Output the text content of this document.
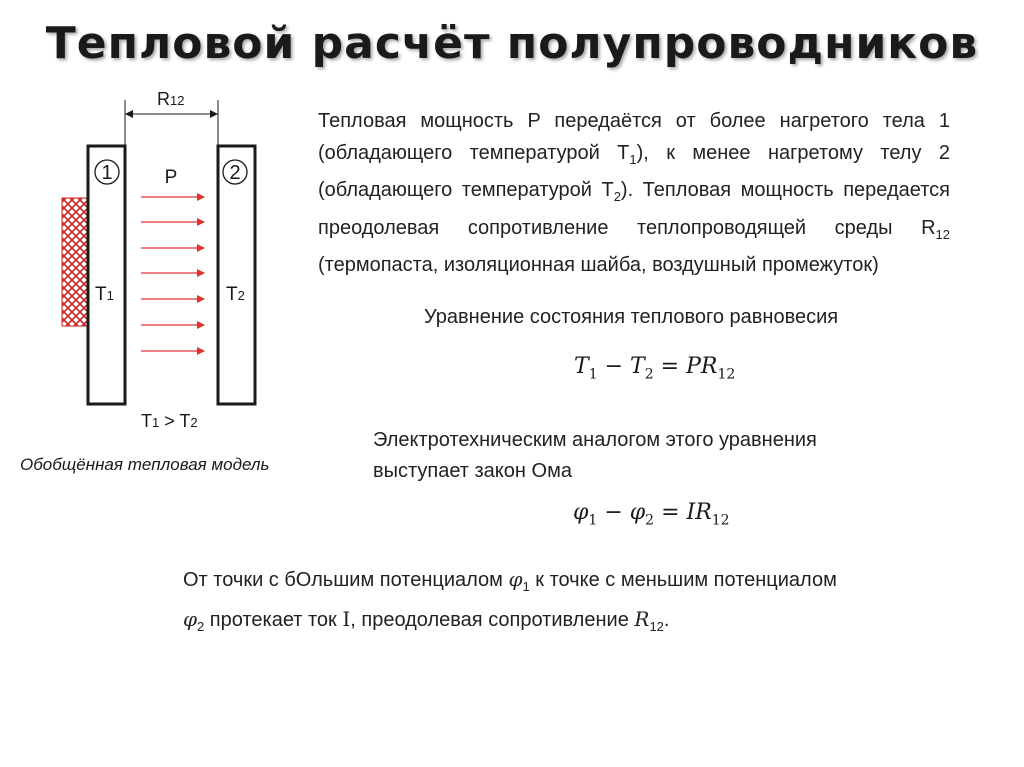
Тепловой расчёт полупроводников
R12
1	2
P
T1	T2
T1 > T2
Обобщённая тепловая модель
Тепловая мощность P передаётся от более нагретого тела 1 (обладающего температурой $T_1$), к менее нагретому телу 2 (обладающего температурой $T_2$). Тепловая мощность передается преодолевая сопротивление теплопроводящей среды $R_{12}$ (термопаста, изоляционная шайба, воздушный промежуток)
Уравнение состояния теплового равновесия
$T_1 - T_2 = PR_{12}$
Электротехническим аналогом этого уравнения выступает закон Ома
$\varphi_1 - \varphi_2 = IR_{12}$
От точки с бОльшим потенциалом $\varphi_1$ к точке с меньшим потенциалом
$\varphi_2$ протекает ток I, преодолевая сопротивление $R_{12}$.
